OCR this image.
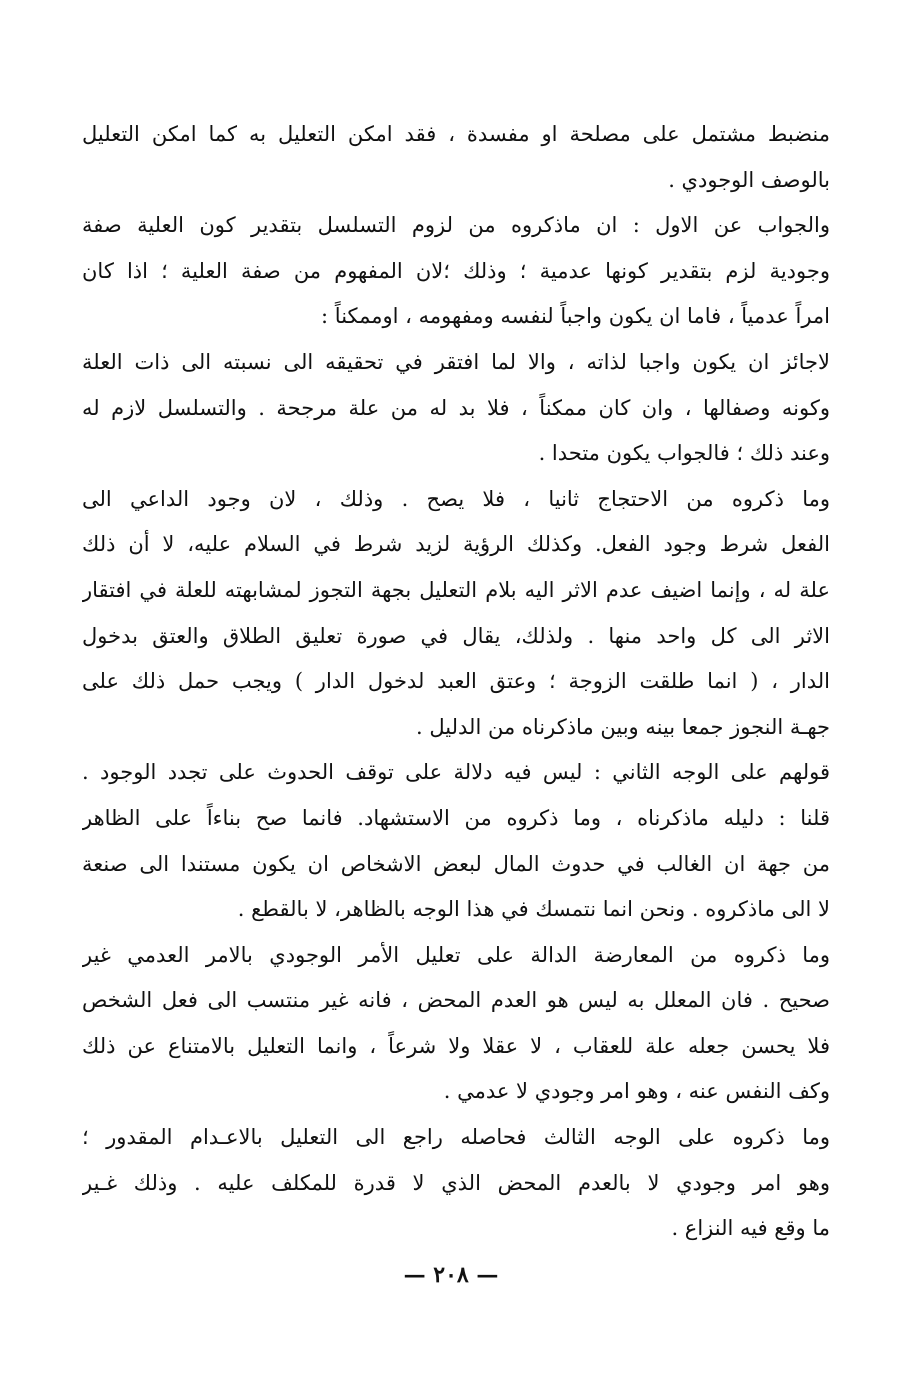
منضبط مشتمل على مصلحة او مفسدة ، فقد امكن التعليل به كما امكن التعليل
بالوصف الوجودي .
والجواب عن الاول : ان ماذكروه من لزوم التسلسل بتقدير كون العلية صفة
وجودية لزم بتقدير كونها عدمية ؛ وذلك ؛لان المفهوم من صفة العلية ؛ اذا كان
امراً عدمياً ، فاما ان يكون واجباً لنفسه ومفهومه ، اوممكناً :
لاجائز ان يكون واجبا لذاته ، والا لما افتقر في تحقيقه الى نسبته الى ذات العلة
وكونه وصفالها ، وان كان ممكناً ، فلا بد له من علة مرجحة . والتسلسل لازم له
وعند ذلك ؛ فالجواب يكون متحدا .
وما ذكروه من الاحتجاج ثانيا ، فلا يصح . وذلك ، لان وجود الداعي الى
الفعل شرط وجود الفعل. وكذلك الرؤية لزيد شرط في السلام عليه، لا أن ذلك
علة له ، وإنما اضيف عدم الاثر اليه بلام التعليل بجهة التجوز لمشابهته للعلة في افتقار
الاثر الى كل واحد منها . ولذلك، يقال في صورة تعليق الطلاق والعتق بدخول
الدار ، ( انما طلقت الزوجة ؛ وعتق العبد لدخول الدار ) ويجب حمل ذلك على
جهـة النجوز جمعا بينه وبين ماذكرناه من الدليل .
قولهم على الوجه الثاني : ليس فيه دلالة على توقف الحدوث على تجدد الوجود .
قلنا : دليله ماذكرناه ، وما ذكروه من الاستشهاد. فانما صح بناءاً على الظاهر
من جهة ان الغالب في حدوث المال لبعض الاشخاص ان يكون مستندا الى صنعة
لا الى ماذكروه . ونحن انما نتمسك في هذا الوجه بالظاهر، لا بالقطع .
وما ذكروه من المعارضة الدالة على تعليل الأمر الوجودي بالامر العدمي غير
صحيح . فان المعلل به ليس هو العدم المحض ، فانه غير منتسب الى فعل الشخص
فلا يحسن جعله علة للعقاب ، لا عقلا ولا شرعاً ، وانما التعليل بالامتناع عن ذلك
وكف النفس عنه ، وهو امر وجودي لا عدمي .
وما ذكروه على الوجه الثالث فحاصله راجع الى التعليل بالاعـدام المقدور ؛
وهو امر وجودي لا بالعدم المحض الذي لا قدرة للمكلف عليه . وذلك غـير
ما وقع فيه النزاع .
— ٢٠٨ —
